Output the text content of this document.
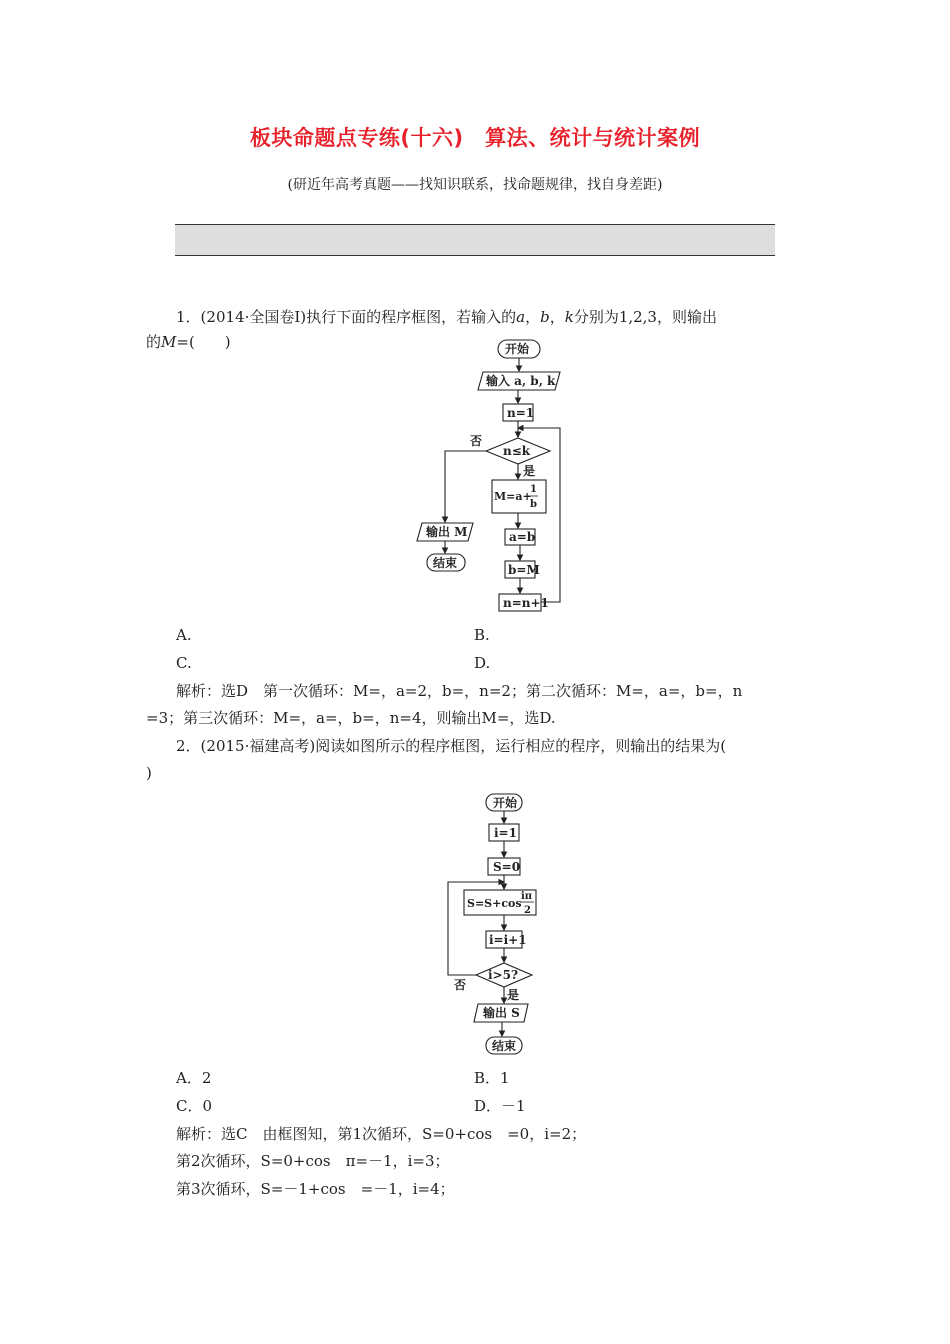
板块命题点专练(十六)　算法、统计与统计案例
(研近年高考真题——找知识联系，找命题规律，找自身差距)
1．(2014·全国卷Ⅰ)执行下面的程序框图，若输入的a，b，k分别为1,2,3，则输出
的M=(　　)	开始
输入 a, b, k
n=1
n≤k
否
是
M=a+
1
b
a=b
b=M
n=n+1
输出 M
结束
A.	B.
C.	D.
解析：选D　第一次循环：M=，a=2，b=，n=2；第二次循环：M=，a=，b=，n
=3；第三次循环：M=，a=，b=，n=4，则输出M=，选D.
2．(2015·福建高考)阅读如图所示的程序框图，运行相应的程序，则输出的结果为(
)
开始
i=1
S=0
S=S+cos
iπ
2
i=i+1
i>5?
否
是
输出 S
结束
A．2	B．1
C．0	D．－1
解析：选C　由框图知，第1次循环，S=0+cos　=0，i=2；
第2次循环，S=0+cos　π=－1，i=3；
第3次循环，S=－1+cos　=－1，i=4；
